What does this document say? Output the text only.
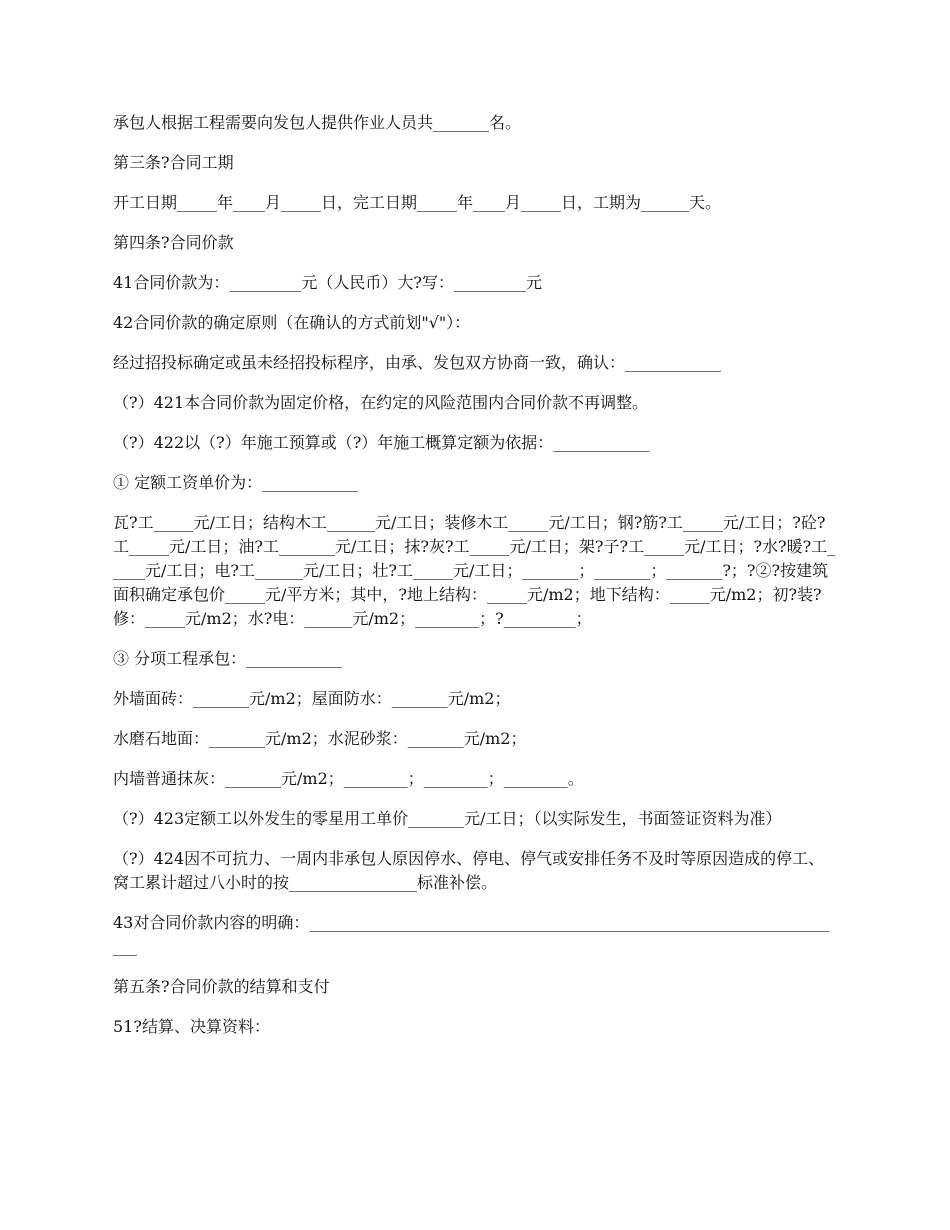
承包人根据工程需要向发包人提供作业人员共_______名。

第三条?合同工期

开工日期_____年____月_____日，完工日期_____年____月_____日，工期为______天。

第四条?合同价款

41合同价款为：_________元（人民币）大?写：_________元

42合同价款的确定原则（在确认的方式前划"√"）：

经过招投标确定或虽未经招投标程序，由承、发包双方协商一致，确认：____________

（?）421本合同价款为固定价格，在约定的风险范围内合同价款不再调整。

（?）422以（?）年施工预算或（?）年施工概算定额为依据：____________

① 定额工资单价为：____________

瓦?工_____元/工日；结构木工______元/工日；装修木工_____元/工日；钢?筋?工_____元/工日；?砼?工_____元/工日；油?工_______元/工日；抹?灰?工_____元/工日；架?子?工_____元/工日；?水?暖?工_____元/工日；电?工______元/工日；壮?工_____元/工日；_______；_______；_______?；?②?按建筑面积确定承包价_____元/平方米；其中，?地上结构：_____元/m2；地下结构：_____元/m2；初?装?修：_____元/m2；水?电：______元/m2；________；?_________；

③ 分项工程承包：____________

外墙面砖：_______元/m2；屋面防水：_______元/m2；

水磨石地面：_______元/m2；水泥砂浆：_______元/m2；

内墙普通抹灰：_______元/m2；________；________；________。

（?）423定额工以外发生的零星用工单价_______元/工日；（以实际发生，书面签证资料为准）

（?）424因不可抗力、一周内非承包人原因停水、停电、停气或安排任务不及时等原因造成的停工、窝工累计超过八小时的按________________标准补偿。

43对合同价款内容的明确：____________________________________________________________________

第五条?合同价款的结算和支付

51?结算、决算资料：
